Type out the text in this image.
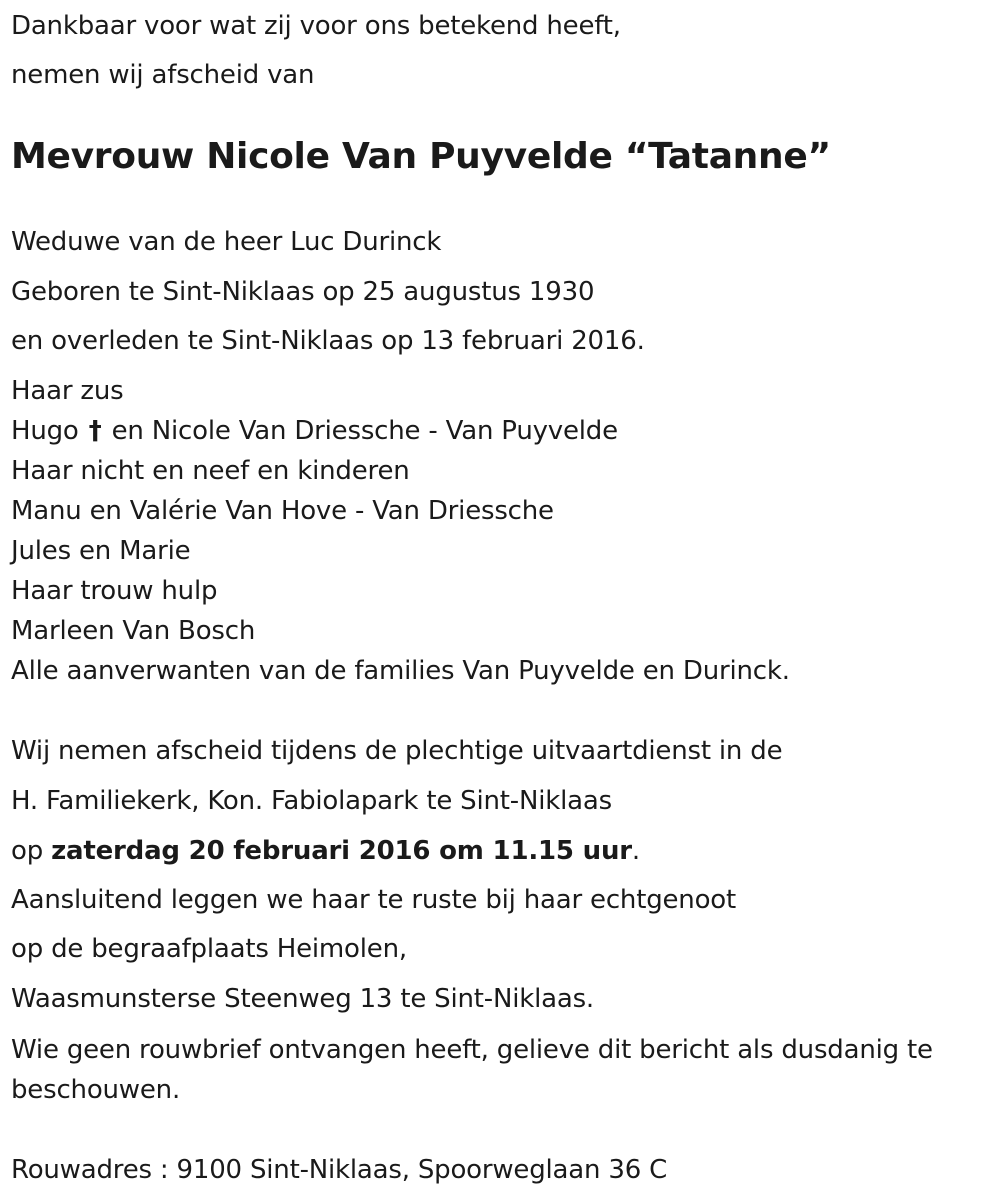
Dankbaar voor wat zij voor ons betekend heeft,
nemen wij afscheid van
Mevrouw Nicole Van Puyvelde “Tatanne”
Weduwe van de heer Luc Durinck
Geboren te Sint-Niklaas op 25 augustus 1930
en overleden te Sint-Niklaas op 13 februari 2016.
Haar zus
Hugo † en Nicole Van Driessche - Van Puyvelde
Haar nicht en neef en kinderen
Manu en Valérie Van Hove - Van Driessche
Jules en Marie
Haar trouw hulp
Marleen Van Bosch
Alle aanverwanten van de families Van Puyvelde en Durinck.
Wij nemen afscheid tijdens de plechtige uitvaartdienst in de
H. Familiekerk, Kon. Fabiolapark te Sint-Niklaas
op zaterdag 20 februari 2016 om 11.15 uur.
Aansluitend leggen we haar te ruste bij haar echtgenoot
op de begraafplaats Heimolen,
Waasmunsterse Steenweg 13 te Sint-Niklaas.
Wie geen rouwbrief ontvangen heeft, gelieve dit bericht als dusdanig te beschouwen.
Rouwadres : 9100 Sint-Niklaas, Spoorweglaan 36 C
